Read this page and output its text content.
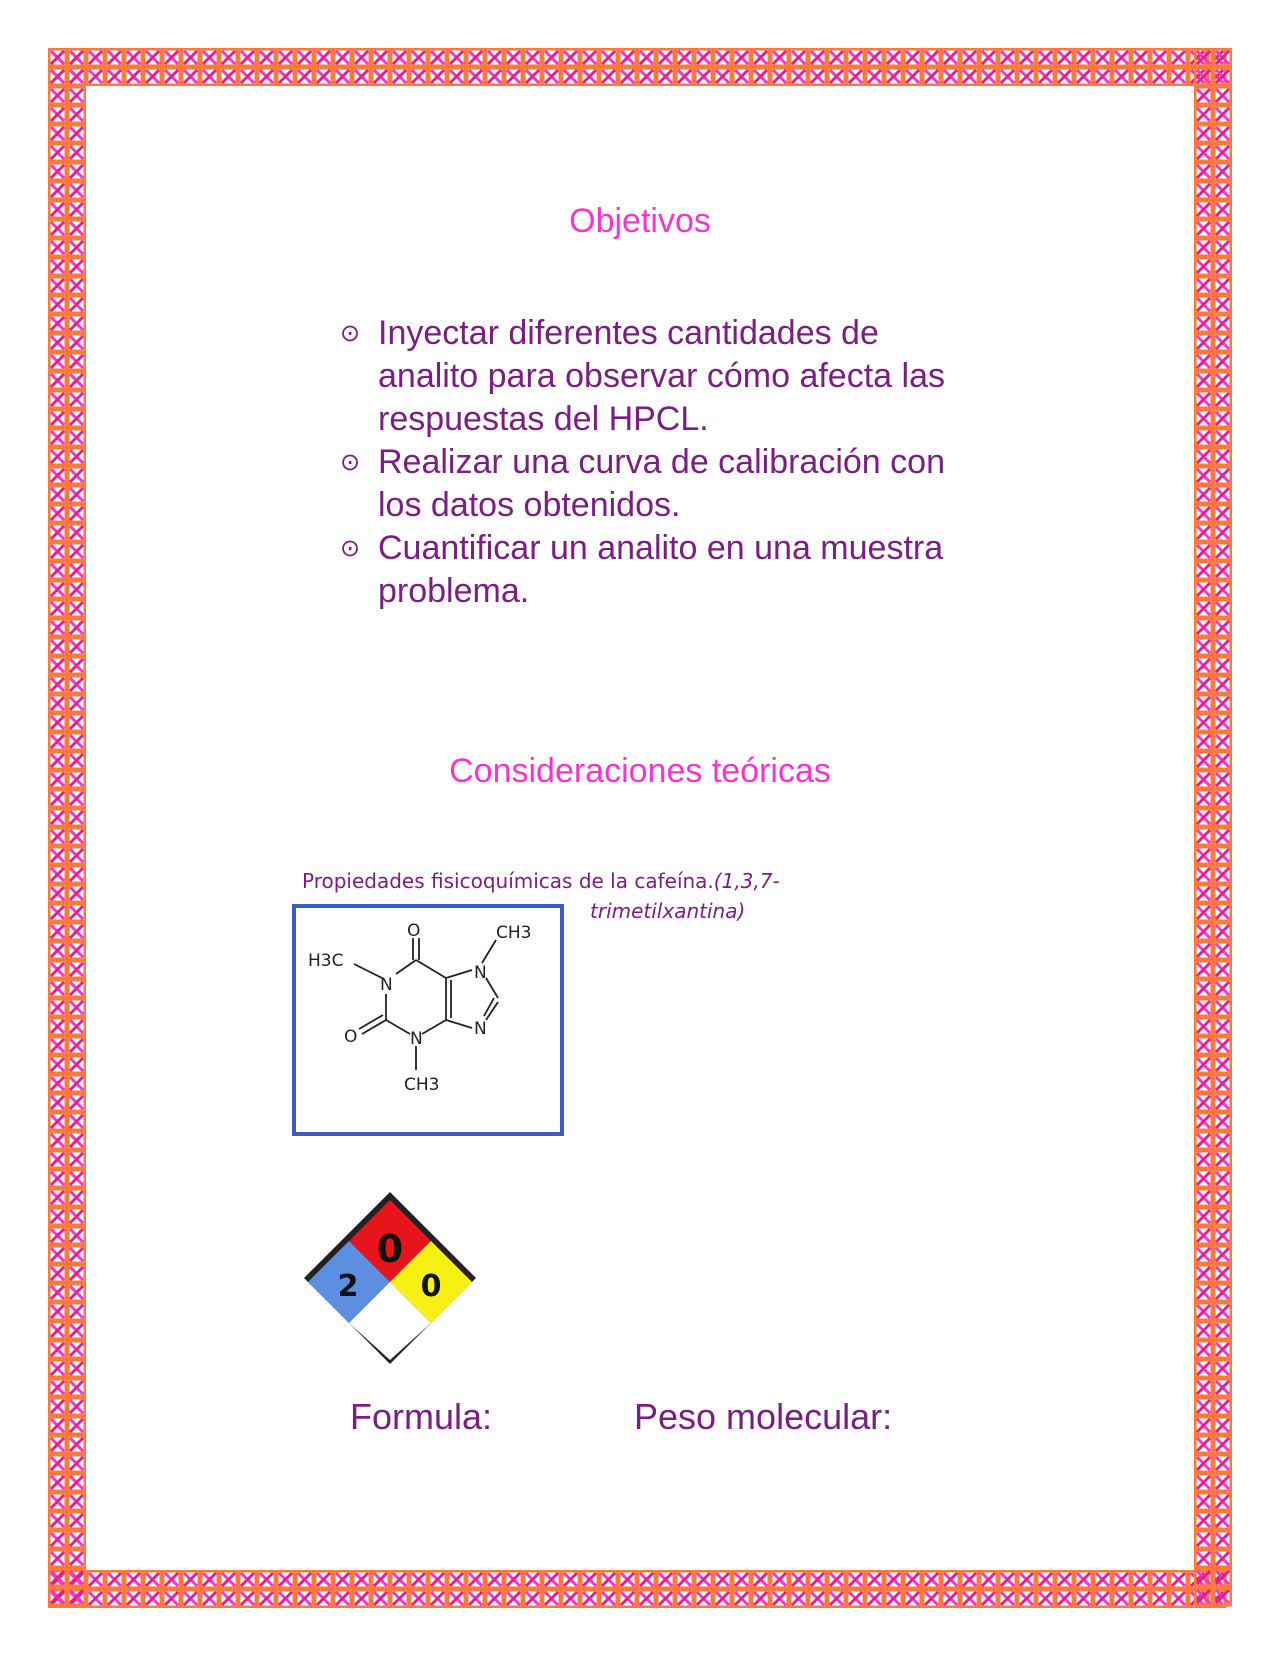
Objetivos
⊙ Inyectar diferentes cantidades de analito para observar cómo afecta las respuestas del HPCL.
⊙ Realizar una curva de calibración con los datos obtenidos.
⊙ Cuantificar un analito en una muestra problema.
Consideraciones teóricas
Propiedades fisicoquímicas de la cafeína.(1,3,7-
trimetilxantina)
O	CH3
H3C
N
N
N
N
O
CH3
0
2 0
Formula:	Peso molecular:
